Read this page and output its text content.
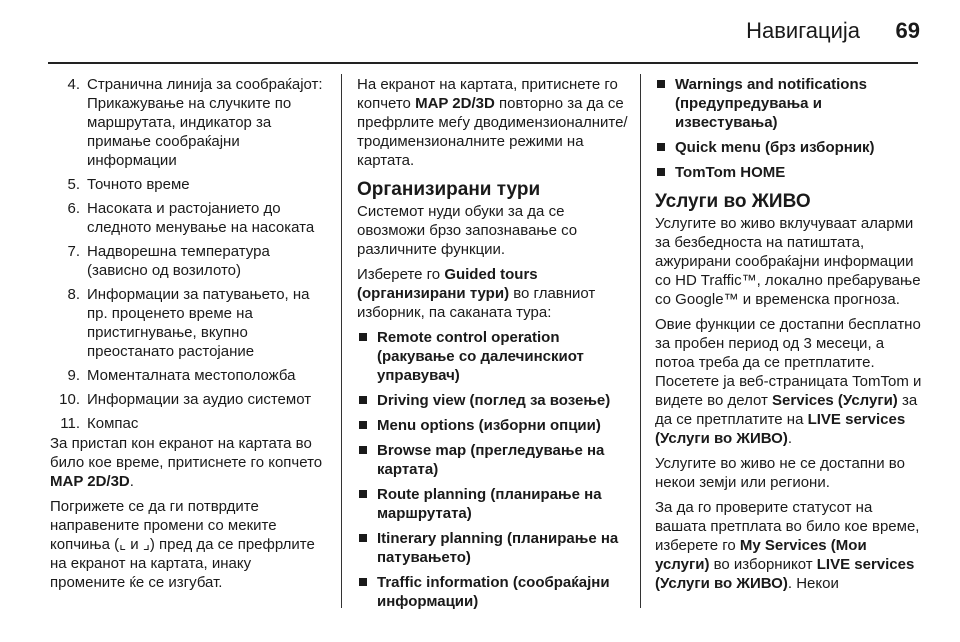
Навигација 69
4. Странична линија за сообраќајот: Прикажување на случките по маршрутата, индикатор за примање сообраќајни информации
5. Точното време
6. Насоката и растојанието до следното менување на насоката
7. Надворешна температура (зависно од возилото)
8. Информации за патувањето, на пр. проценето време на пристигнување, вкупно преостанато растојание
9. Моменталната местоположба
10. Информации за аудио системот
11. Компас

За пристап кон екранот на картата во било кое време, притиснете го копчето MAP 2D/3D.

Погрижете се да ги потврдите направените промени со меките копчиња (⌞ и ⌟) пред да се префрлите на екранот на картата, инаку промените ќе се изгубат.

На екранот на картата, притиснете го копчето MAP 2D/3D повторно за да се префрлите меѓу дводимензионалните/тродимензионалните режими на картата.

Организирани тури

Системот нуди обуки за да се овозможи брзо запознавање со различните функции.

Изберете го Guided tours (организирани тури) во главниот изборник, па саканата тура:

Remote control operation (ракување со далечинскиот управувач)
Driving view (поглед за возење)
Menu options (изборни опции)
Browse map (прегледување на картата)
Route planning (планирање на маршрутата)
Itinerary planning (планирање на патувањето)
Traffic information (сообраќајни информации)
Warnings and notifications (предупредувања и известувања)
Quick menu (брз изборник)
TomTom HOME
Услуги во ЖИВО

Услугите во живо вклучуваат аларми за безбедноста на патиштата, ажурирани сообраќајни информации со HD Traffic™, локално пребарување со Google™ и временска прогноза.

Овие функции се достапни бесплатно за пробен период од 3 месеци, а потоа треба да се претплатите. Посетете ја веб-страницата TomTom и видете во делот Services (Услуги) за да се претплатите на LIVE services (Услуги во ЖИВО).

Услугите во живо не се достапни во некои земји или региони.

За да го проверите статусот на вашата претплата во било кое време, изберете го My Services (Мои услуги) во изборникот LIVE services (Услуги во ЖИВО). Некои
